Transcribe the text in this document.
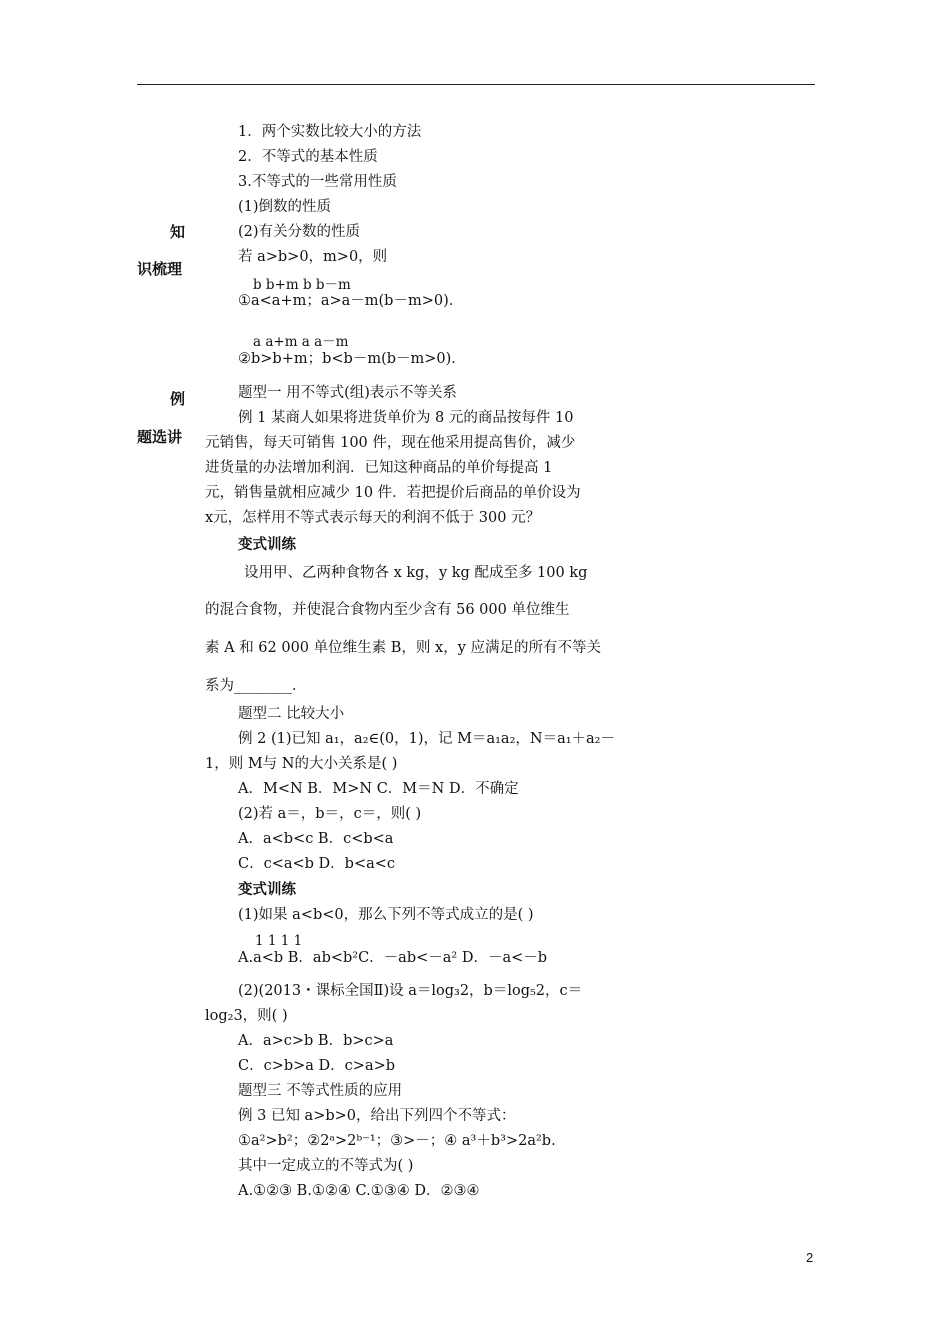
知
识梳理
例
题选讲
1．两个实数比较大小的方法
2．不等式的基本性质
3.不等式的一些常用性质
(1)倒数的性质
(2)有关分数的性质
若 a>b>0，m>0，则
b b+m b b－m
①a<a+m；a>a－m(b－m>0)．
a a+m a a－m
②b>b+m；b<b－m(b－m>0)．
题型一 用不等式(组)表示不等关系
例 1 某商人如果将进货单价为 8 元的商品按每件 10
元销售，每天可销售 100 件，现在他采用提高售价，减少
进货量的办法增加利润．已知这种商品的单价每提高 1
元，销售量就相应减少 10 件．若把提价后商品的单价设为
x元，怎样用不等式表示每天的利润不低于 300 元？
变式训练
设用甲、乙两种食物各 x kg，y kg 配成至多 100 kg
的混合食物，并使混合食物内至少含有 56 000 单位维生
素 A 和 62 000 单位维生素 B，则 x，y 应满足的所有不等关
系为________．
题型二 比较大小
例 2 (1)已知 a₁，a₂∈(0，1)，记 M＝a₁a₂，N＝a₁＋a₂－
1，则 M与 N的大小关系是( )
A．M<N B．M>N C．M＝N D．不确定
(2)若 a＝，b＝，c＝，则( )
A．a<b<c B．c<b<a
C．c<a<b D．b<a<c
变式训练
(1)如果 a<b<0，那么下列不等式成立的是( )
1 1 1 1
A.a<b B．ab<b²C．－ab<－a² D．－a<－b
(2)(2013・课标全国Ⅱ)设 a＝log₃2，b＝log₅2，c＝
log₂3，则( )
A．a>c>b B．b>c>a
C．c>b>a D．c>a>b
题型三 不等式性质的应用
例 3 已知 a>b>0，给出下列四个不等式：
①a²>b²；②2ᵃ>2ᵇ⁻¹；③>－；④ a³＋b³>2a²b.
其中一定成立的不等式为( )
A.①②③ B.①②④ C.①③④ D．②③④
2
